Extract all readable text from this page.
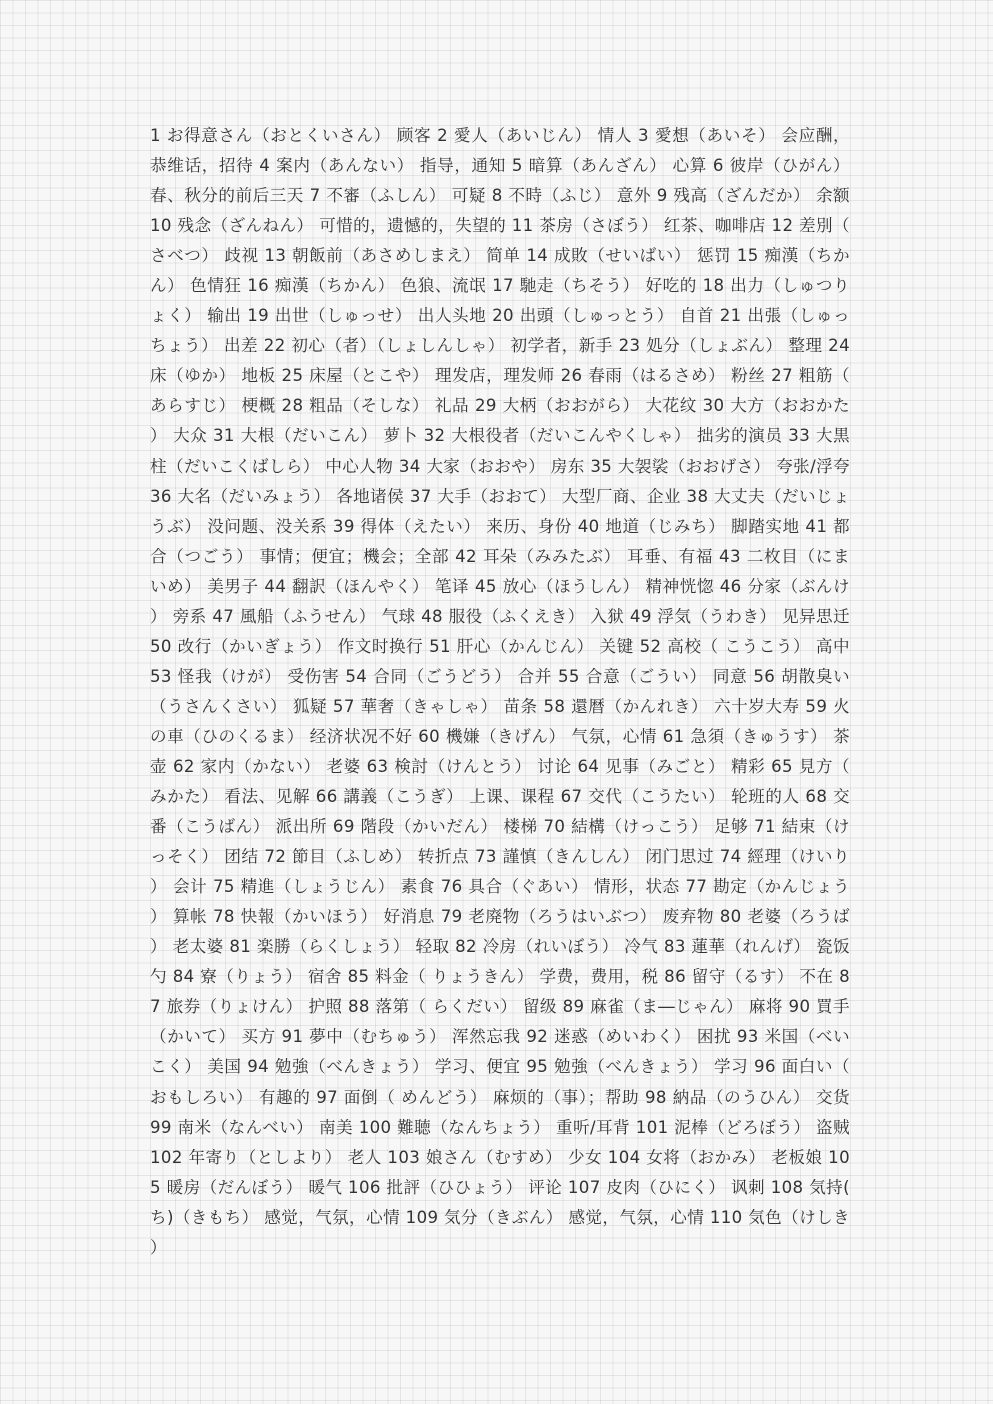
1 お得意さん（おとくいさん） 顾客 2 愛人（あいじん） 情人 3 愛想（あいそ） 会应酬，恭维话，招待 4 案内（あんない） 指导，通知 5 暗算（あんざん） 心算 6 彼岸（ひがん） 春、秋分的前后三天 7 不審（ふしん） 可疑 8 不時（ふじ） 意外 9 残高（ざんだか） 余额 10 残念（ざんねん） 可惜的，遗憾的，失望的 11 茶房（さぼう） 红茶、咖啡店 12 差別（さべつ） 歧视 13 朝飯前（あさめしまえ） 简单 14 成敗（せいばい） 惩罚 15 痴漢（ちかん） 色情狂 16 痴漢（ちかん） 色狼、流氓 17 馳走（ちそう） 好吃的 18 出力（しゅつりょく） 输出 19 出世（しゅっせ） 出人头地 20 出頭（しゅっとう） 自首 21 出張（しゅっちょう） 出差 22 初心（者）（しょしんしゃ） 初学者，新手 23 処分（しょぶん） 整理 24 床（ゆか） 地板 25 床屋（とこや） 理发店，理发师 26 春雨（はるさめ） 粉丝 27 粗筋（あらすじ） 梗概 28 粗品（そしな） 礼品 29 大柄（おおがら） 大花纹 30 大方（おおかた） 大众 31 大根（だいこん） 萝卜 32 大根役者（だいこんやくしゃ） 拙劣的演员 33 大黒柱（だいこくばしら） 中心人物 34 大家（おおや） 房东 35 大袈裟（おおげさ） 夸张/浮夸 36 大名（だいみょう） 各地诸侯 37 大手（おおて） 大型厂商、企业 38 大丈夫（だいじょうぶ） 没问题、没关系 39 得体（えたい） 来历、身份 40 地道（じみち） 脚踏实地 41 都合（つごう） 事情；便宜；機会；全部 42 耳朵（みみたぶ） 耳垂、有福 43 二枚目（にまいめ） 美男子 44 翻訳（ほんやく） 笔译 45 放心（ほうしん） 精神恍惚 46 分家（ぶんけ） 旁系 47 風船（ふうせん） 气球 48 服役（ふくえき） 入狱 49 浮気（うわき） 见异思迁 50 改行（かいぎょう） 作文时换行 51 肝心（かんじん） 关键 52 高校（ こうこう） 高中 53 怪我（けが） 受伤害 54 合同（ごうどう） 合并 55 合意（ごうい） 同意 56 胡散臭い（うさんくさい） 狐疑 57 華奢（きゃしゃ） 苗条 58 還暦（かんれき） 六十岁大寿 59 火の車（ひのくるま） 经济状况不好 60 機嫌（きげん） 气氛，心情 61 急須（きゅうす） 茶壶 62 家内（かない） 老婆 63 検討（けんとう） 讨论 64 见事（みごと） 精彩 65 見方（みかた） 看法、见解 66 講義（こうぎ） 上课、课程 67 交代（こうたい） 轮班的人 68 交番（こうばん） 派出所 69 階段（かいだん） 楼梯 70 結構（けっこう） 足够 71 結束（けっそく） 团结 72 節目（ふしめ） 转折点 73 謹慎（きんしん） 闭门思过 74 經理（けいり） 会计 75 精進（しょうじん） 素食 76 具合（ぐあい） 情形，状态 77 勘定（かんじょう） 算帐 78 快報（かいほう） 好消息 79 老廃物（ろうはいぶつ） 废弃物 80 老婆（ろうば） 老太婆 81 楽勝（らくしょう） 轻取 82 冷房（れいぼう） 冷气 83 蓮華（れんげ） 瓷饭勺 84 寮（りょう） 宿舍 85 料金（ りょうきん） 学费，费用，税 86 留守（るす） 不在 87 旅券（りょけん） 护照 88 落第（ らくだい） 留级 89 麻雀（ま―じゃん） 麻将 90 買手（かいて） 买方 91 夢中（むちゅう） 浑然忘我 92 迷惑（めいわく） 困扰 93 米国（べいこく） 美国 94 勉強（べんきょう） 学习、便宜 95 勉強（べんきょう） 学习 96 面白い（ おもしろい） 有趣的 97 面倒（ めんどう） 麻烦的（事）；帮助 98 納品（のうひん） 交货 99 南米（なんべい） 南美 100 難聴（なんちょう） 重听/耳背 101 泥棒（どろぼう） 盗贼 102 年寄り（としより） 老人 103 娘さん（むすめ） 少女 104 女将（おかみ） 老板娘 105 暖房（だんぼう） 暖气 106 批評（ひひょう） 评论 107 皮肉（ひにく） 讽刺 108 気持(ち)（きもち） 感觉，气氛，心情 109 気分（きぶん） 感觉，气氛，心情 110 気色（けしき）
